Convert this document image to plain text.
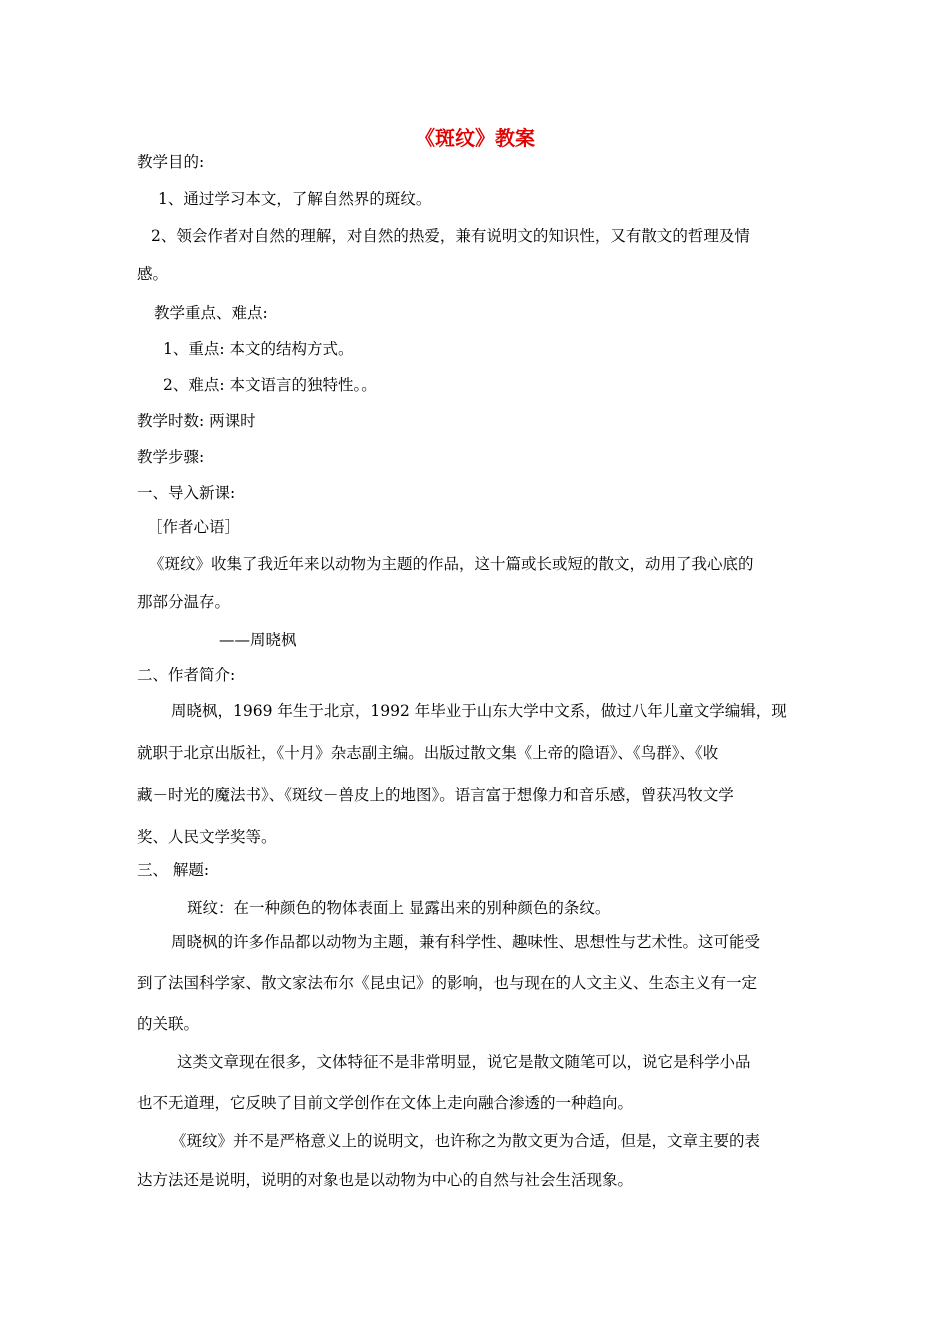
《斑纹》教案
教学目的:
1、通过学习本文，了解自然界的斑纹。
2、领会作者对自然的理解，对自然的热爱，兼有说明文的知识性，又有散文的哲理及情
感。
教学重点、难点:
1、重点: 本文的结构方式。
2、难点: 本文语言的独特性。。
教学时数: 两课时
教学步骤:
一、导入新课:
［作者心语］
《斑纹》收集了我近年来以动物为主题的作品，这十篇或长或短的散文，动用了我心底的
那部分温存。
——周晓枫
二、作者简介:
周晓枫，1969 年生于北京，1992 年毕业于山东大学中文系，做过八年儿童文学编辑，现
就职于北京出版社，《十月》杂志副主编。出版过散文集《上帝的隐语》、《鸟群》、《收
藏－时光的魔法书》、《斑纹－兽皮上的地图》。语言富于想像力和音乐感，曾获冯牧文学
奖、人民文学奖等。
三、 解题:
斑纹：在一种颜色的物体表面上 显露出来的别种颜色的条纹。
周晓枫的许多作品都以动物为主题，兼有科学性、趣味性、思想性与艺术性。这可能受
到了法国科学家、散文家法布尔《昆虫记》的影响，也与现在的人文主义、生态主义有一定
的关联。
这类文章现在很多，文体特征不是非常明显，说它是散文随笔可以，说它是科学小品
也不无道理，它反映了目前文学创作在文体上走向融合渗透的一种趋向。
《斑纹》并不是严格意义上的说明文，也许称之为散文更为合适，但是，文章主要的表
达方法还是说明，说明的对象也是以动物为中心的自然与社会生活现象。
